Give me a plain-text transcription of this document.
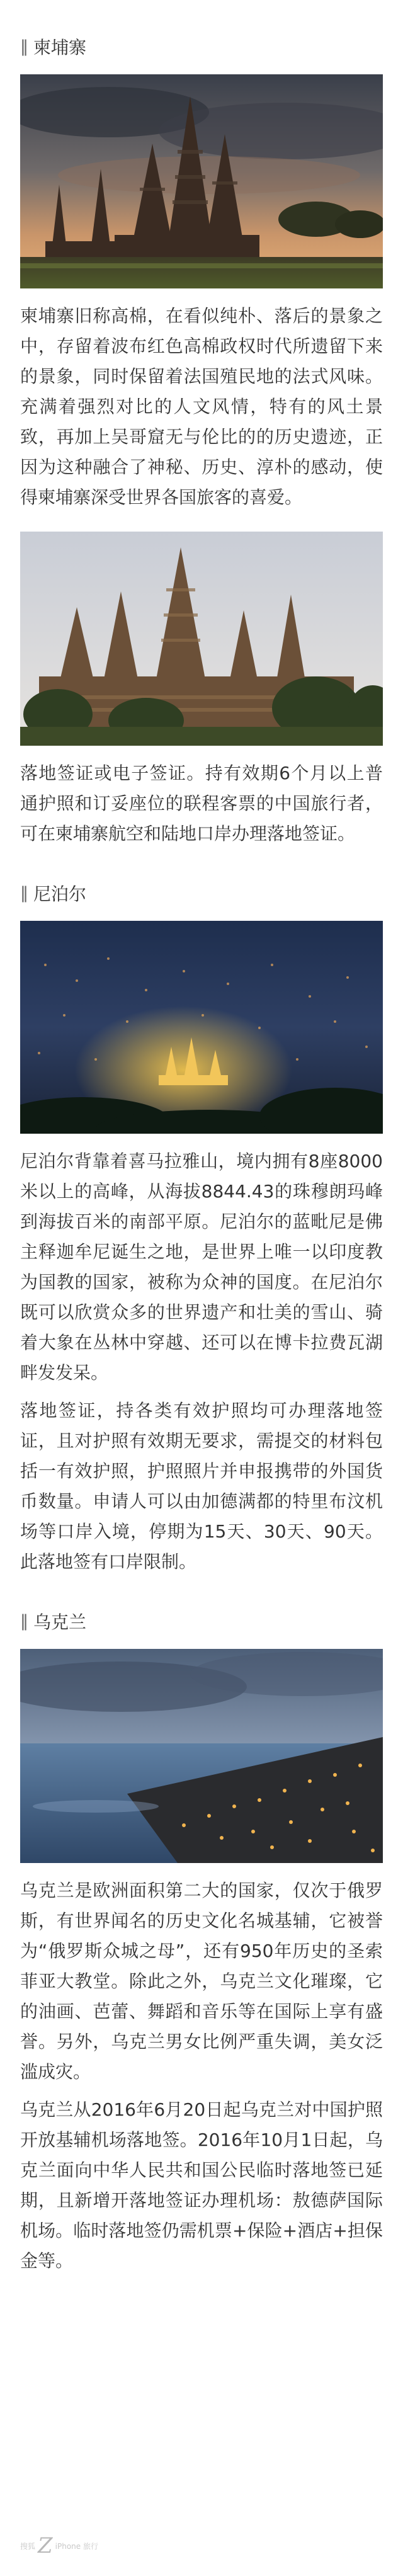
‖ 柬埔寨

柬埔寨旧称高棉，在看似纯朴、落后的景象之中，存留着波布红色高棉政权时代所遗留下来的景象，同时保留着法国殖民地的法式风味。充满着强烈对比的人文风情，特有的风土景致，再加上吴哥窟无与伦比的的历史遗迹，正因为这种融合了神秘、历史、淳朴的感动，使得柬埔寨深受世界各国旅客的喜爱。

落地签证或电子签证。持有效期6个月以上普通护照和订妥座位的联程客票的中国旅行者，可在柬埔寨航空和陆地口岸办理落地签证。

‖ 尼泊尔

尼泊尔背靠着喜马拉雅山，境内拥有8座8000米以上的高峰，从海拔8844.43的珠穆朗玛峰到海拔百米的南部平原。尼泊尔的蓝毗尼是佛主释迦牟尼诞生之地，是世界上唯一以印度教为国教的国家，被称为众神的国度。在尼泊尔既可以欣赏众多的世界遗产和壮美的雪山、骑着大象在丛林中穿越、还可以在博卡拉费瓦湖畔发发呆。

落地签证，持各类有效护照均可办理落地签证，且对护照有效期无要求，需提交的材料包括一有效护照，护照照片并申报携带的外国货币数量。申请人可以由加德满都的特里布汶机场等口岸入境，停期为15天、30天、90天。此落地签有口岸限制。

‖ 乌克兰

乌克兰是欧洲面积第二大的国家，仅次于俄罗斯，有世界闻名的历史文化名城基辅，它被誉为“俄罗斯众城之母”，还有950年历史的圣索菲亚大教堂。除此之外，乌克兰文化璀璨，它的油画、芭蕾、舞蹈和音乐等在国际上享有盛誉。另外，乌克兰男女比例严重失调，美女泛滥成灾。

乌克兰从2016年6月20日起乌克兰对中国护照开放基辅机场落地签。2016年10月1日起，乌克兰面向中华人民共和国公民临时落地签已延期，且新增开落地签证办理机场：敖德萨国际机场。临时落地签仍需机票+保险+酒店+担保金等。

搜狐 Z iPhone 旅行
